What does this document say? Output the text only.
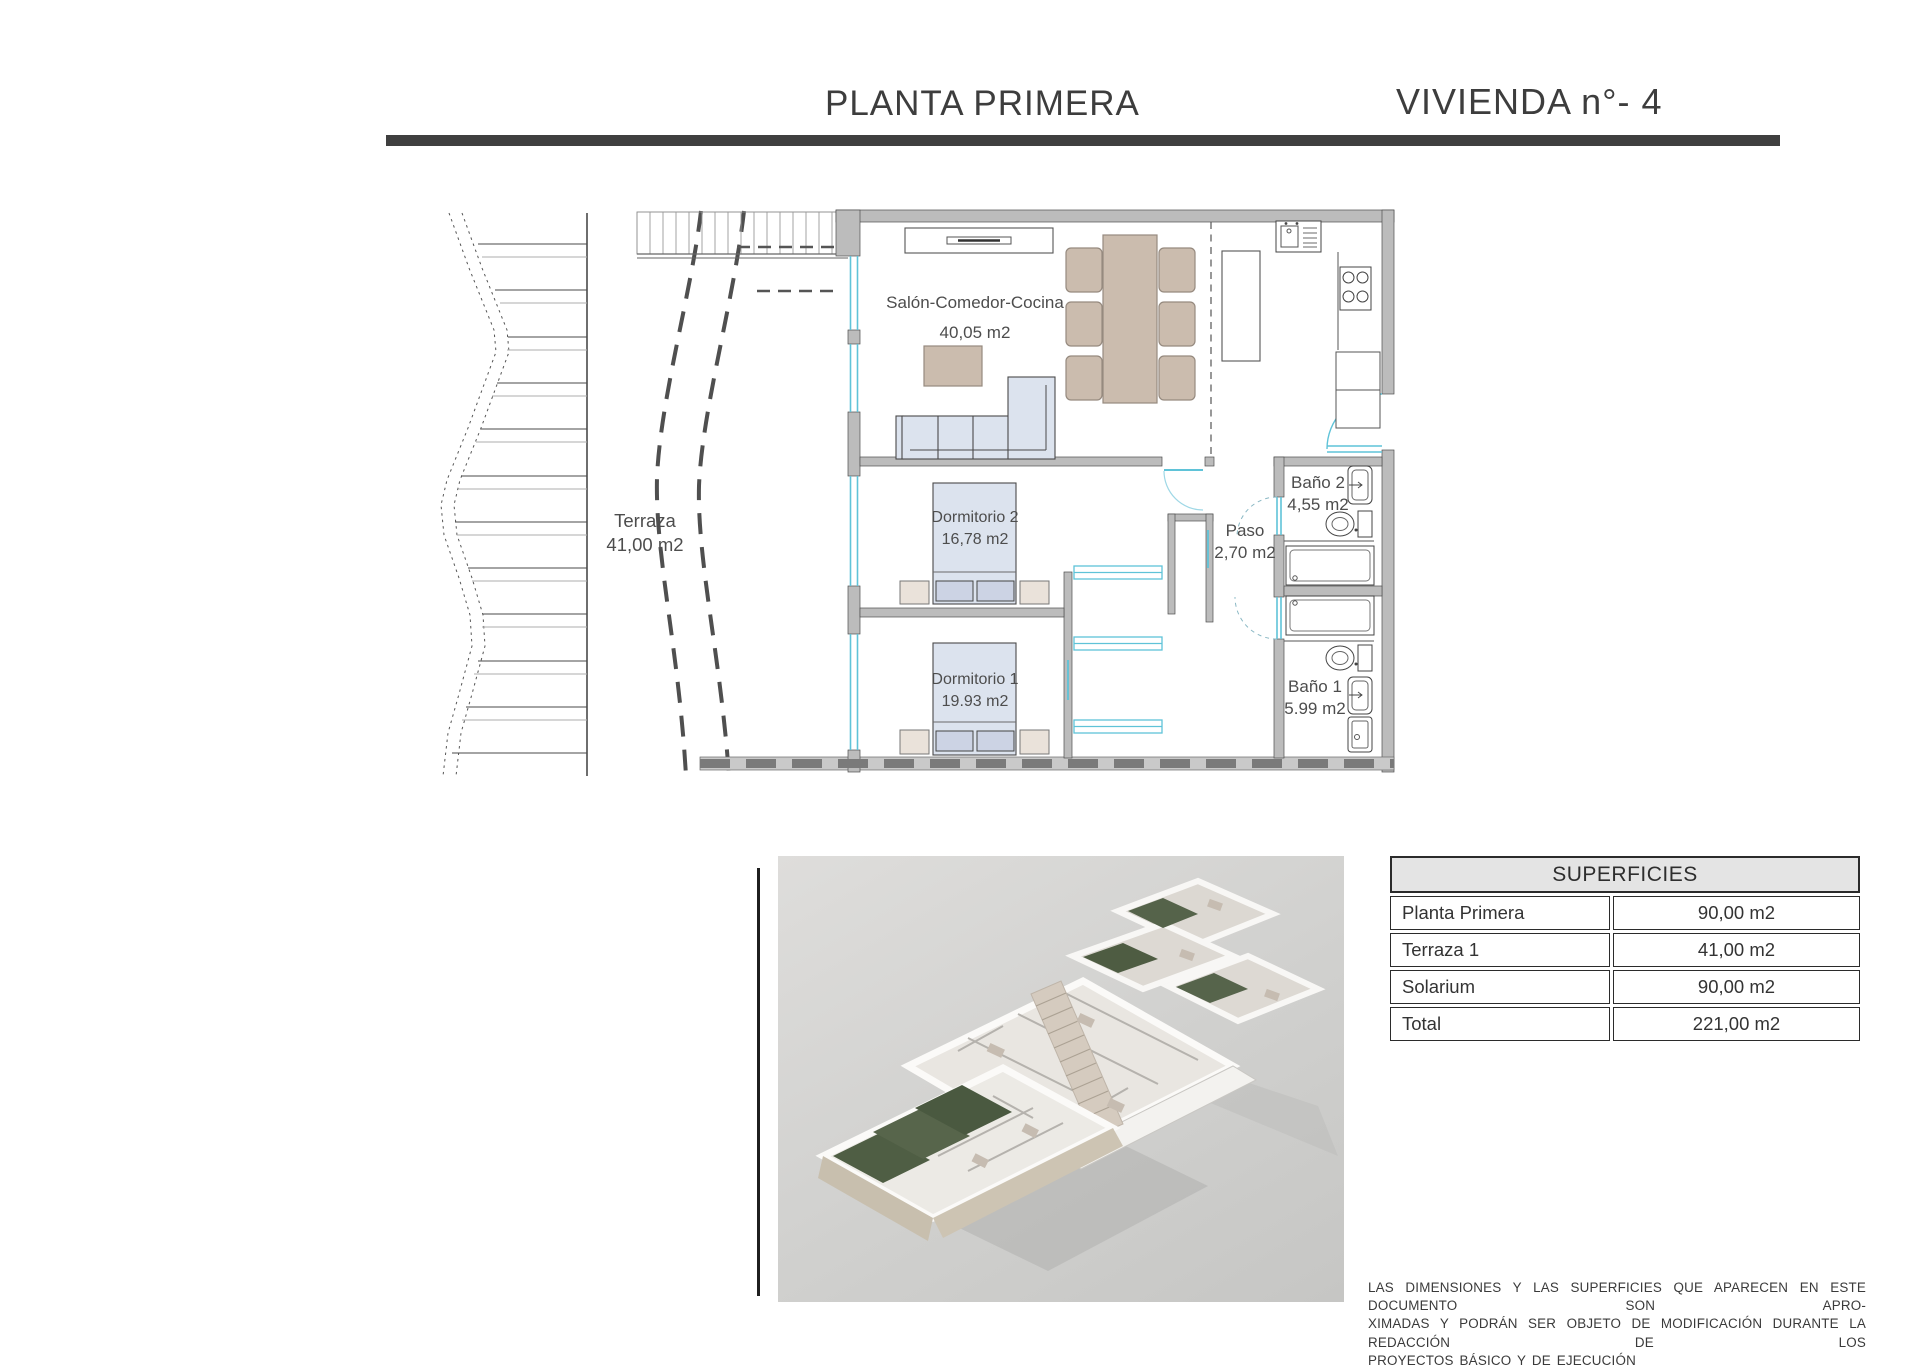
PLANTA PRIMERA	VIVIENDA n°- 4
Salón-Comedor-Cocina
40,05 m2
Terraza
41,00 m2
Dormitorio 2
16,78 m2
Dormitorio 1
19.93 m2
Paso
2,70 m2
Baño 2
4,55 m2
Baño 1
5.99 m2
SUPERFICIES
Planta Primera	90,00 m2
Terraza 1	41,00 m2
Solarium	90,00 m2
Total	221,00 m2
LAS DIMENSIONES Y LAS SUPERFICIES QUE APARECEN EN ESTE DOCUMENTO SON APRO-
XIMADAS Y PODRÁN SER OBJETO DE MODIFICACIÓN DURANTE LA REDACCIÓN DE LOS
PROYECTOS BÁSICO Y DE EJECUCIÓN
